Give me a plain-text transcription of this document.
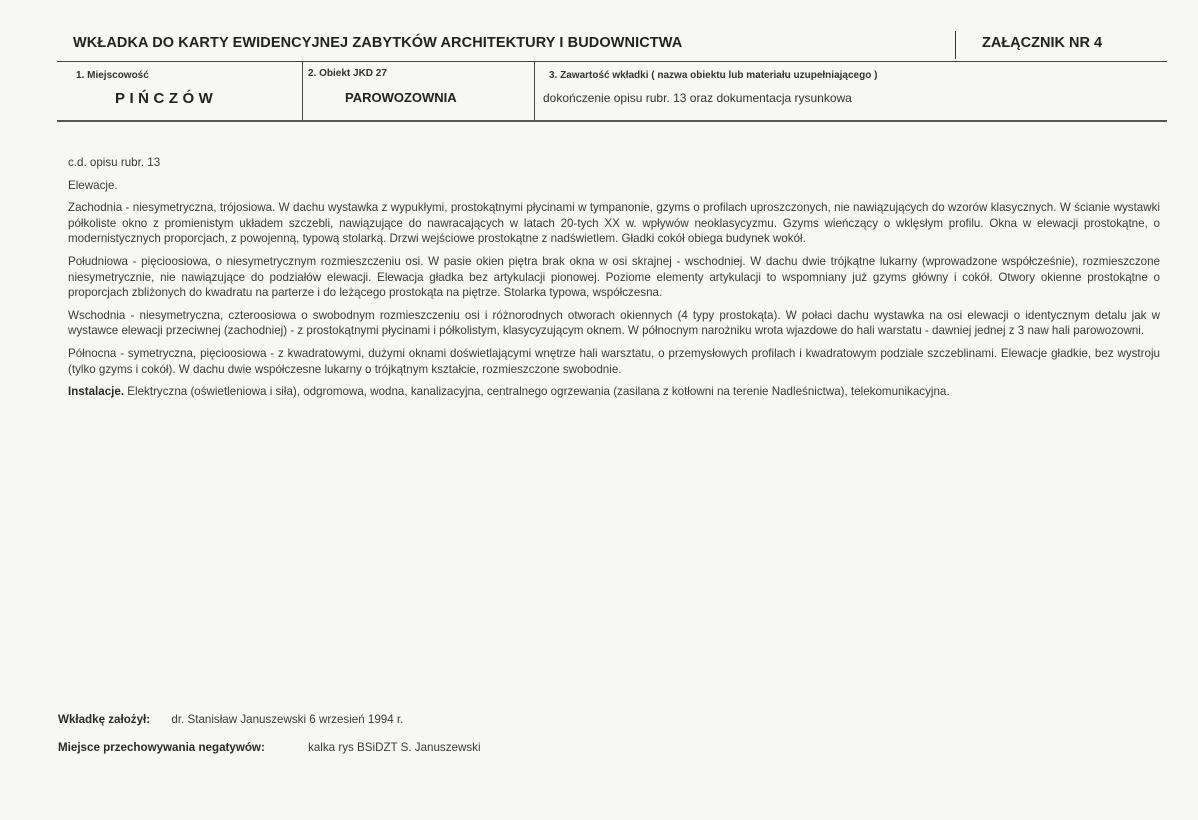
WKŁADKA DO KARTY EWIDENCYJNEJ ZABYTKÓW ARCHITEKTURY I BUDOWNICTWA	ZAŁĄCZNIK NR 4
1. Miejscowość	2. Obiekt JKD 27	3. Zawartość wkładki ( nazwa obiektu lub materiału uzupełniającego )
PIŃCZÓW	PAROWOZOWNIA	dokończenie opisu rubr. 13 oraz dokumentacja rysunkowa

c.d. opisu rubr. 13

Elewacje.

Zachodnia - niesymetryczna, trójosiowa. W dachu wystawka z wypukłymi, prostokątnymi płycinami w tympanonie, gzyms o profilach uproszczonych, nie nawiązujących do wzorów klasycznych. W ścianie wystawki półkoliste okno z promienistym układem szczebli, nawiązujące do nawracających w latach 20-tych XX w. wpływów neoklasycyzmu. Gzyms wieńczący o wklęsłym profilu. Okna w elewacji prostokątne, o modernistycznych proporcjach, z powojenną, typową stolarką. Drzwi wejściowe prostokątne z nadświetlem. Gładki cokół obiega budynek wokół.

Południowa - pięcioosiowa, o niesymetrycznym rozmieszczeniu osi. W pasie okien piętra brak okna w osi skrajnej - wschodniej. W dachu dwie trójkątne lukarny (wprowadzone współcześnie), rozmieszczone niesymetrycznie, nie nawiązujące do podziałów elewacji. Elewacja gładka bez artykulacji pionowej. Poziome elementy artykulacji to wspomniany już gzyms główny i cokół. Otwory okienne prostokątne o proporcjach zbliżonych do kwadratu na parterze i do leżącego prostokąta na piętrze. Stolarka typowa, współczesna.

Wschodnia - niesymetryczna, czteroosiowa o swobodnym rozmieszczeniu osi i różnorodnych otworach okiennych (4 typy prostokąta). W połaci dachu wystawka na osi elewacji o identycznym detalu jak w wystawce elewacji przeciwnej (zachodniej) - z prostokątnymi płycinami i półkolistym, klasycyzującym oknem. W północnym narożniku wrota wjazdowe do hali warstatu - dawniej jednej z 3 naw hali parowozowni.

Północna - symetryczna, pięcioosiowa - z kwadratowymi, dużymi oknami doświetlającymi wnętrze hali warsztatu, o przemysłowych profilach i kwadratowym podziale szczeblinami. Elewacje gładkie, bez wystroju (tylko gzyms i cokół). W dachu dwie współczesne lukarny o trójkątnym kształcie, rozmieszczone swobodnie.

Instalacje. Elektryczna (oświetleniowa i siła), odgromowa, wodna, kanalizacyjna, centralnego ogrzewania (zasilana z kotłowni na terenie Nadleśnictwa), telekomunikacyjna.

Wkładkę założył: dr. Stanisław Januszewski 6 wrzesień 1994 r.
Miejsce przechowywania negatywów:	kalka rys BSiDZT S. Januszewski
